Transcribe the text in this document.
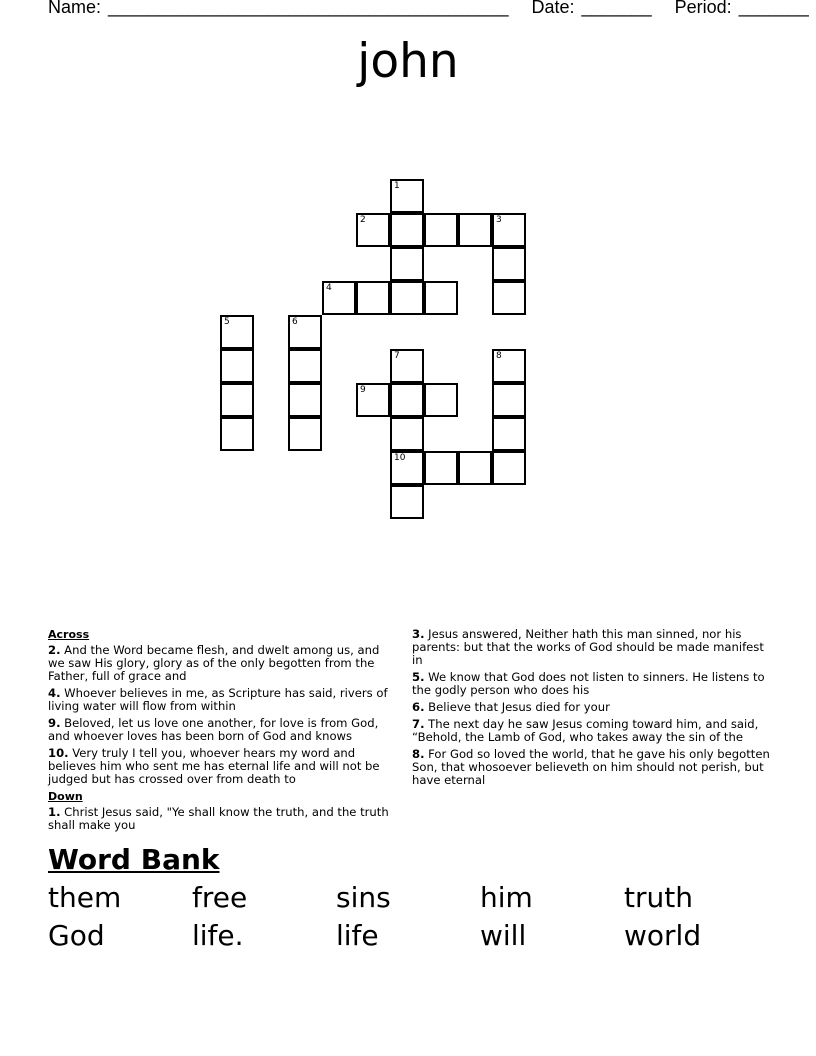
Name: ________________________________________ Date: _______ Period: _______
john
1
2	3
4
5	6
7	8
9
10
Across
2. And the Word became flesh, and dwelt among us, and we saw His glory, glory as of the only begotten from the Father, full of grace and
4. Whoever believes in me, as Scripture has said, rivers of living water will flow from within
9. Beloved, let us love one another, for love is from God, and whoever loves has been born of God and knows
10. Very truly I tell you, whoever hears my word and believes him who sent me has eternal life and will not be judged but has crossed over from death to
Down
1. Christ Jesus said, "Ye shall know the truth, and the truth shall make you
3. Jesus answered, Neither hath this man sinned, nor his parents: but that the works of God should be made manifest in
5. We know that God does not listen to sinners. He listens to the godly person who does his
6. Believe that Jesus died for your
7. The next day he saw Jesus coming toward him, and said, “Behold, the Lamb of God, who takes away the sin of the
8. For God so loved the world, that he gave his only begotten Son, that whosoever believeth on him should not perish, but have eternal
Word Bank
them	free	sins	him	truth
God	life.	life	will	world
